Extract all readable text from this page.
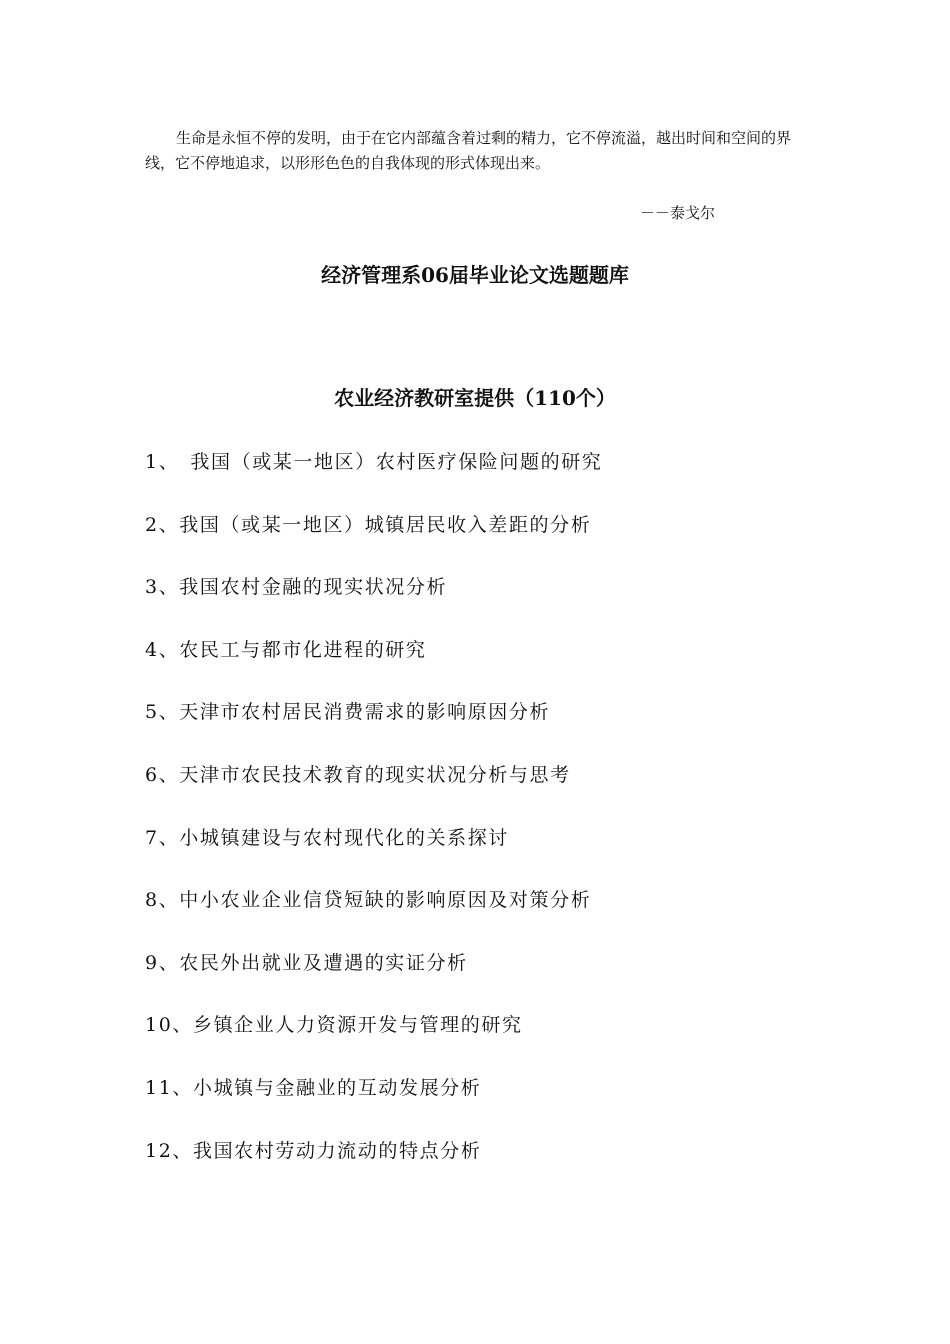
生命是永恒不停的发明，由于在它内部蕴含着过剩的精力，它不停流溢，越出时间和空间的界线，它不停地追求，以形形色色的自我体现的形式体现出来。

－－泰戈尔

经济管理系06届毕业论文选题题库
农业经济教研室提供（110个）
1、　我国（或某一地区）农村医疗保险问题的研究
2、我国（或某一地区）城镇居民收入差距的分析
3、我国农村金融的现实状况分析
4、农民工与都市化进程的研究
5、天津市农村居民消费需求的影响原因分析
6、天津市农民技术教育的现实状况分析与思考
7、小城镇建设与农村现代化的关系探讨
8、中小农业企业信贷短缺的影响原因及对策分析
9、农民外出就业及遭遇的实证分析
10、乡镇企业人力资源开发与管理的研究
11、小城镇与金融业的互动发展分析
12、我国农村劳动力流动的特点分析
